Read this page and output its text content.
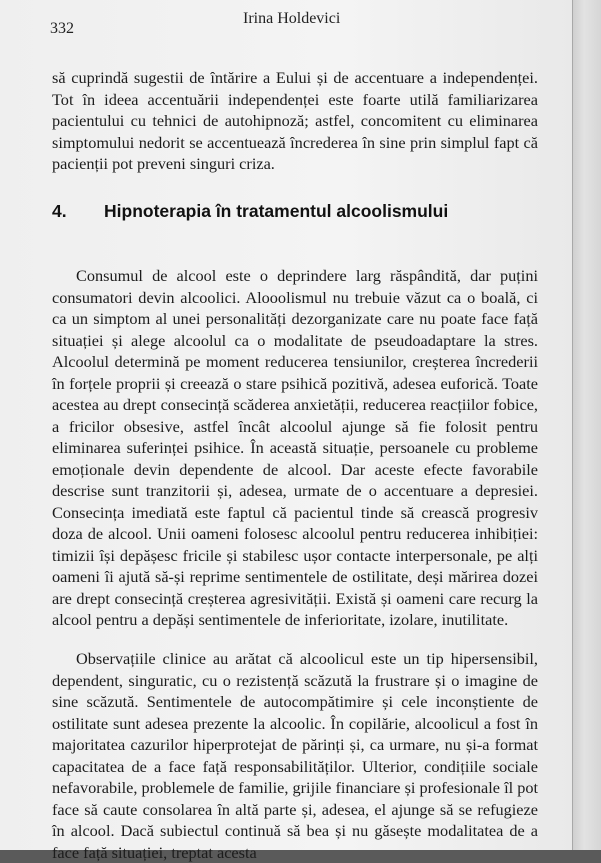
332
Irina Holdevici

să cuprindă sugestii de întărire a Eului și de accentuare a independenței. Tot în ideea accentuării independenței este foarte utilă familiarizarea pacientului cu tehnici de autohipnoză; astfel, concomitent cu eliminarea simptomului nedorit se accentuează încrederea în sine prin simplul fapt că pacienții pot preveni singuri criza.

4. Hipnoterapia în tratamentul alcoolismului

Consumul de alcool este o deprindere larg răspândită, dar puțini consumatori devin alcoolici. Alooolismul nu trebuie văzut ca o boală, ci ca un simptom al unei personalități dezorganizate care nu poate face față situației și alege alcoolul ca o modalitate de pseudoadaptare la stres. Alcoolul determină pe moment reducerea tensiunilor, creșterea încrederii în forțele proprii și creează o stare psihică pozitivă, adesea euforică. Toate acestea au drept consecință scăderea anxietății, reducerea reacțiilor fobice, a fricilor obsesive, astfel încât alcoolul ajunge să fie folosit pentru eliminarea suferinței psihice. În această situație, persoanele cu probleme emoționale devin dependente de alcool. Dar aceste efecte favorabile descrise sunt tranzitorii și, adesea, urmate de o accentuare a depresiei. Consecința imediată este faptul că pacientul tinde să crească progresiv doza de alcool. Unii oameni folosesc alcoolul pentru reducerea inhibiției: timizii își depășesc fricile și stabilesc ușor contacte interpersonale, pe alți oameni îi ajută să-și reprime sentimentele de ostilitate, deși mărirea dozei are drept consecință creșterea agresivității. Există și oameni care recurg la alcool pentru a depăși sentimentele de inferioritate, izolare, inutilitate.

Observațiile clinice au arătat că alcoolicul este un tip hipersensibil, dependent, singuratic, cu o rezistență scăzută la frustrare și o imagine de sine scăzută. Sentimentele de autocompătimire și cele inconștiente de ostilitate sunt adesea prezente la alcoolic. În copilărie, alcoolicul a fost în majoritatea cazurilor hiperprotejat de părinți și, ca urmare, nu și-a format capacitatea de a face față responsabilităților. Ulterior, condițiile sociale nefavorabile, problemele de familie, grijile financiare și profesionale îl pot face să caute consolarea în altă parte și, adesea, el ajunge să se refugieze în alcool. Dacă subiectul continuă să bea și nu găsește modalitatea de a face față situației, treptat acesta
